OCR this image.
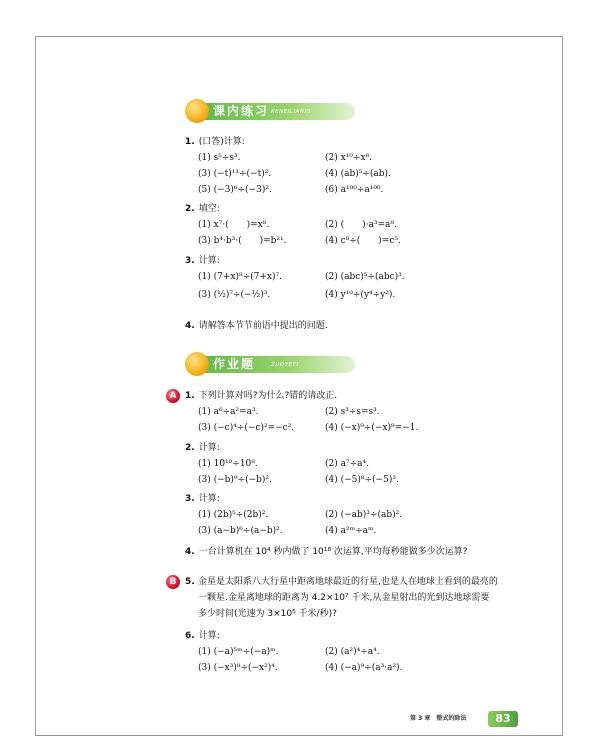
课内练习 KENEILIANXI
1. (口答)计算:
(1) s⁵÷s³.	(2) x¹⁰÷x⁸.
(3) (−t)¹¹÷(−t)².	(4) (ab)⁵÷(ab).
(5) (−3)⁶÷(−3)².	(6) a¹⁰⁰÷a¹⁰⁰.
2. 填空:
(1) x⁷·(　　)=x⁸.	(2) (　　)·a³=a⁸.
(3) b⁴·b³·(　　)=b²¹.	(4) c⁸÷(　　)=c⁵.
3. 计算:
(1) (7+x)⁸÷(7+x)⁷.	(2) (abc)⁵÷(abc)³.
(3) (½)⁷÷(−½)³.	(4) y¹⁰÷(y⁴÷y²).
4. 请解答本节节前语中提出的问题.
作业题	ZUOYETI
A 1. 下列计算对吗?为什么?错的请改正.
(1) a⁶÷a²=a³.	(2) s³÷s=s³.
(3) (−c)⁴÷(−c)²=−c².	(4) (−x)⁹÷(−x)⁹=−1.
2. 计算:
(1) 10¹⁰÷10⁸.	(2) a⁷÷a⁴.
(3) (−b)⁹÷(−b)².	(4) (−5)⁸÷(−5)³.
3. 计算:
(1) (2b)⁵÷(2b)².	(2) (−ab)³÷(ab)².
(3) (a−b)⁶÷(a−b)².	(4) a²ᵐ÷aᵐ.
4. 一台计算机在 10⁴ 秒内做了 10¹⁸ 次运算,平均每秒能做多少次运算?
B 5. 金星是太阳系八大行星中距离地球最近的行星,也是人在地球上看到的最亮的一颗星.金星离地球的距离为 4.2×10⁷ 千米,从金星射出的光到达地球需要多少时间(光速为 3×10⁵ 千米/秒)?
6. 计算:
(1) (−a)⁵ᵐ÷(−a)ᵐ.	(2) (a²)⁴÷a⁴.
(3) (−x³)⁸÷(−x²)⁴.	(4) (−a)⁹÷(a³·a²).
第 3 章　整式的除法	83
